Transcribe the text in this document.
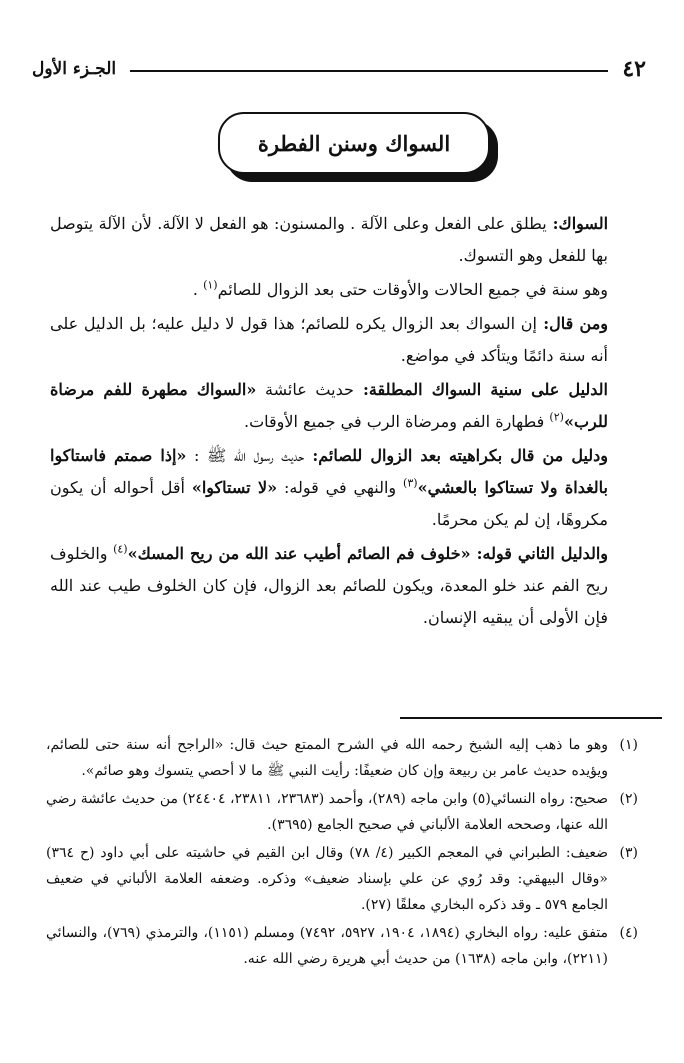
٤٢
الجـزء الأول
السواك وسنن الفطرة

السواك: يطلق على الفعل وعلى الآلة . والمسنون: هو الفعل لا الآلة. لأن الآلة يتوصل بها للفعل وهو التسوك.

وهو سنة في جميع الحالات والأوقات حتى بعد الزوال للصائم$^{(١)}$ .

ومن قال: إن السواك بعد الزوال يكره للصائم؛ هذا قول لا دليل عليه؛ بل الدليل على أنه سنة دائمًا ويتأكد في مواضع.

الدليل على سنية السواك المطلقة: حديث عائشة «السواك مطهرة للفم مرضاة للرب»$^{(٢)}$ فطهارة الفم ومرضاة الرب في جميع الأوقات.

ودليل من قال بكراهيته بعد الزوال للصائم: حديث رسول الله ﷺ : «إذا صمتم فاستاكوا بالغداة ولا تستاكوا بالعشي»$^{(٣)}$ والنهي في قوله: «لا تستاكوا» أقل أحواله أن يكون مكروهًا، إن لم يكن محرمًا.

والدليل الثاني قوله: «خلوف فم الصائم أطيب عند الله من ريح المسك»$^{(٤)}$ والخلوف ريح الفم عند خلو المعدة، ويكون للصائم بعد الزوال، فإن كان الخلوف طيب عند الله فإن الأولى أن يبقيه الإنسان.

(١)
وهو ما ذهب إليه الشيخ رحمه الله في الشرح الممتع حيث قال: «الراجح أنه سنة حتى للصائم، ويؤيده حديث عامر بن ربيعة وإن كان ضعيفًا: رأيت النبي ﷺ ما لا أحصي يتسوك وهو صائم».
(٢)
صحيح: رواه النسائي(٥) وابن ماجه (٢٨٩)، وأحمد (٢٣٦٨٣، ٢٣٨١١، ٢٤٤٠٤) من حديث عائشة رضي الله عنها، وصححه العلامة الألباني في صحيح الجامع (٣٦٩٥).
(٣)
ضعيف: الطبراني في المعجم الكبير (٤/ ٧٨) وقال ابن القيم في حاشيته على أبي داود (ح ٣٦٤) «وقال البيهقي: وقد رُوي عن علي بإسناد ضعيف» وذكره. وضعفه العلامة الألباني في ضعيف الجامع ٥٧٩ ـ وقد ذكره البخاري معلقًا (٢٧).
(٤)
متفق عليه: رواه البخاري (١٨٩٤، ١٩٠٤، ٥٩٢٧، ٧٤٩٢) ومسلم (١١٥١)، والترمذي (٧٦٩)، والنسائي (٢٢١١)، وابن ماجه (١٦٣٨) من حديث أبي هريرة رضي الله عنه.
